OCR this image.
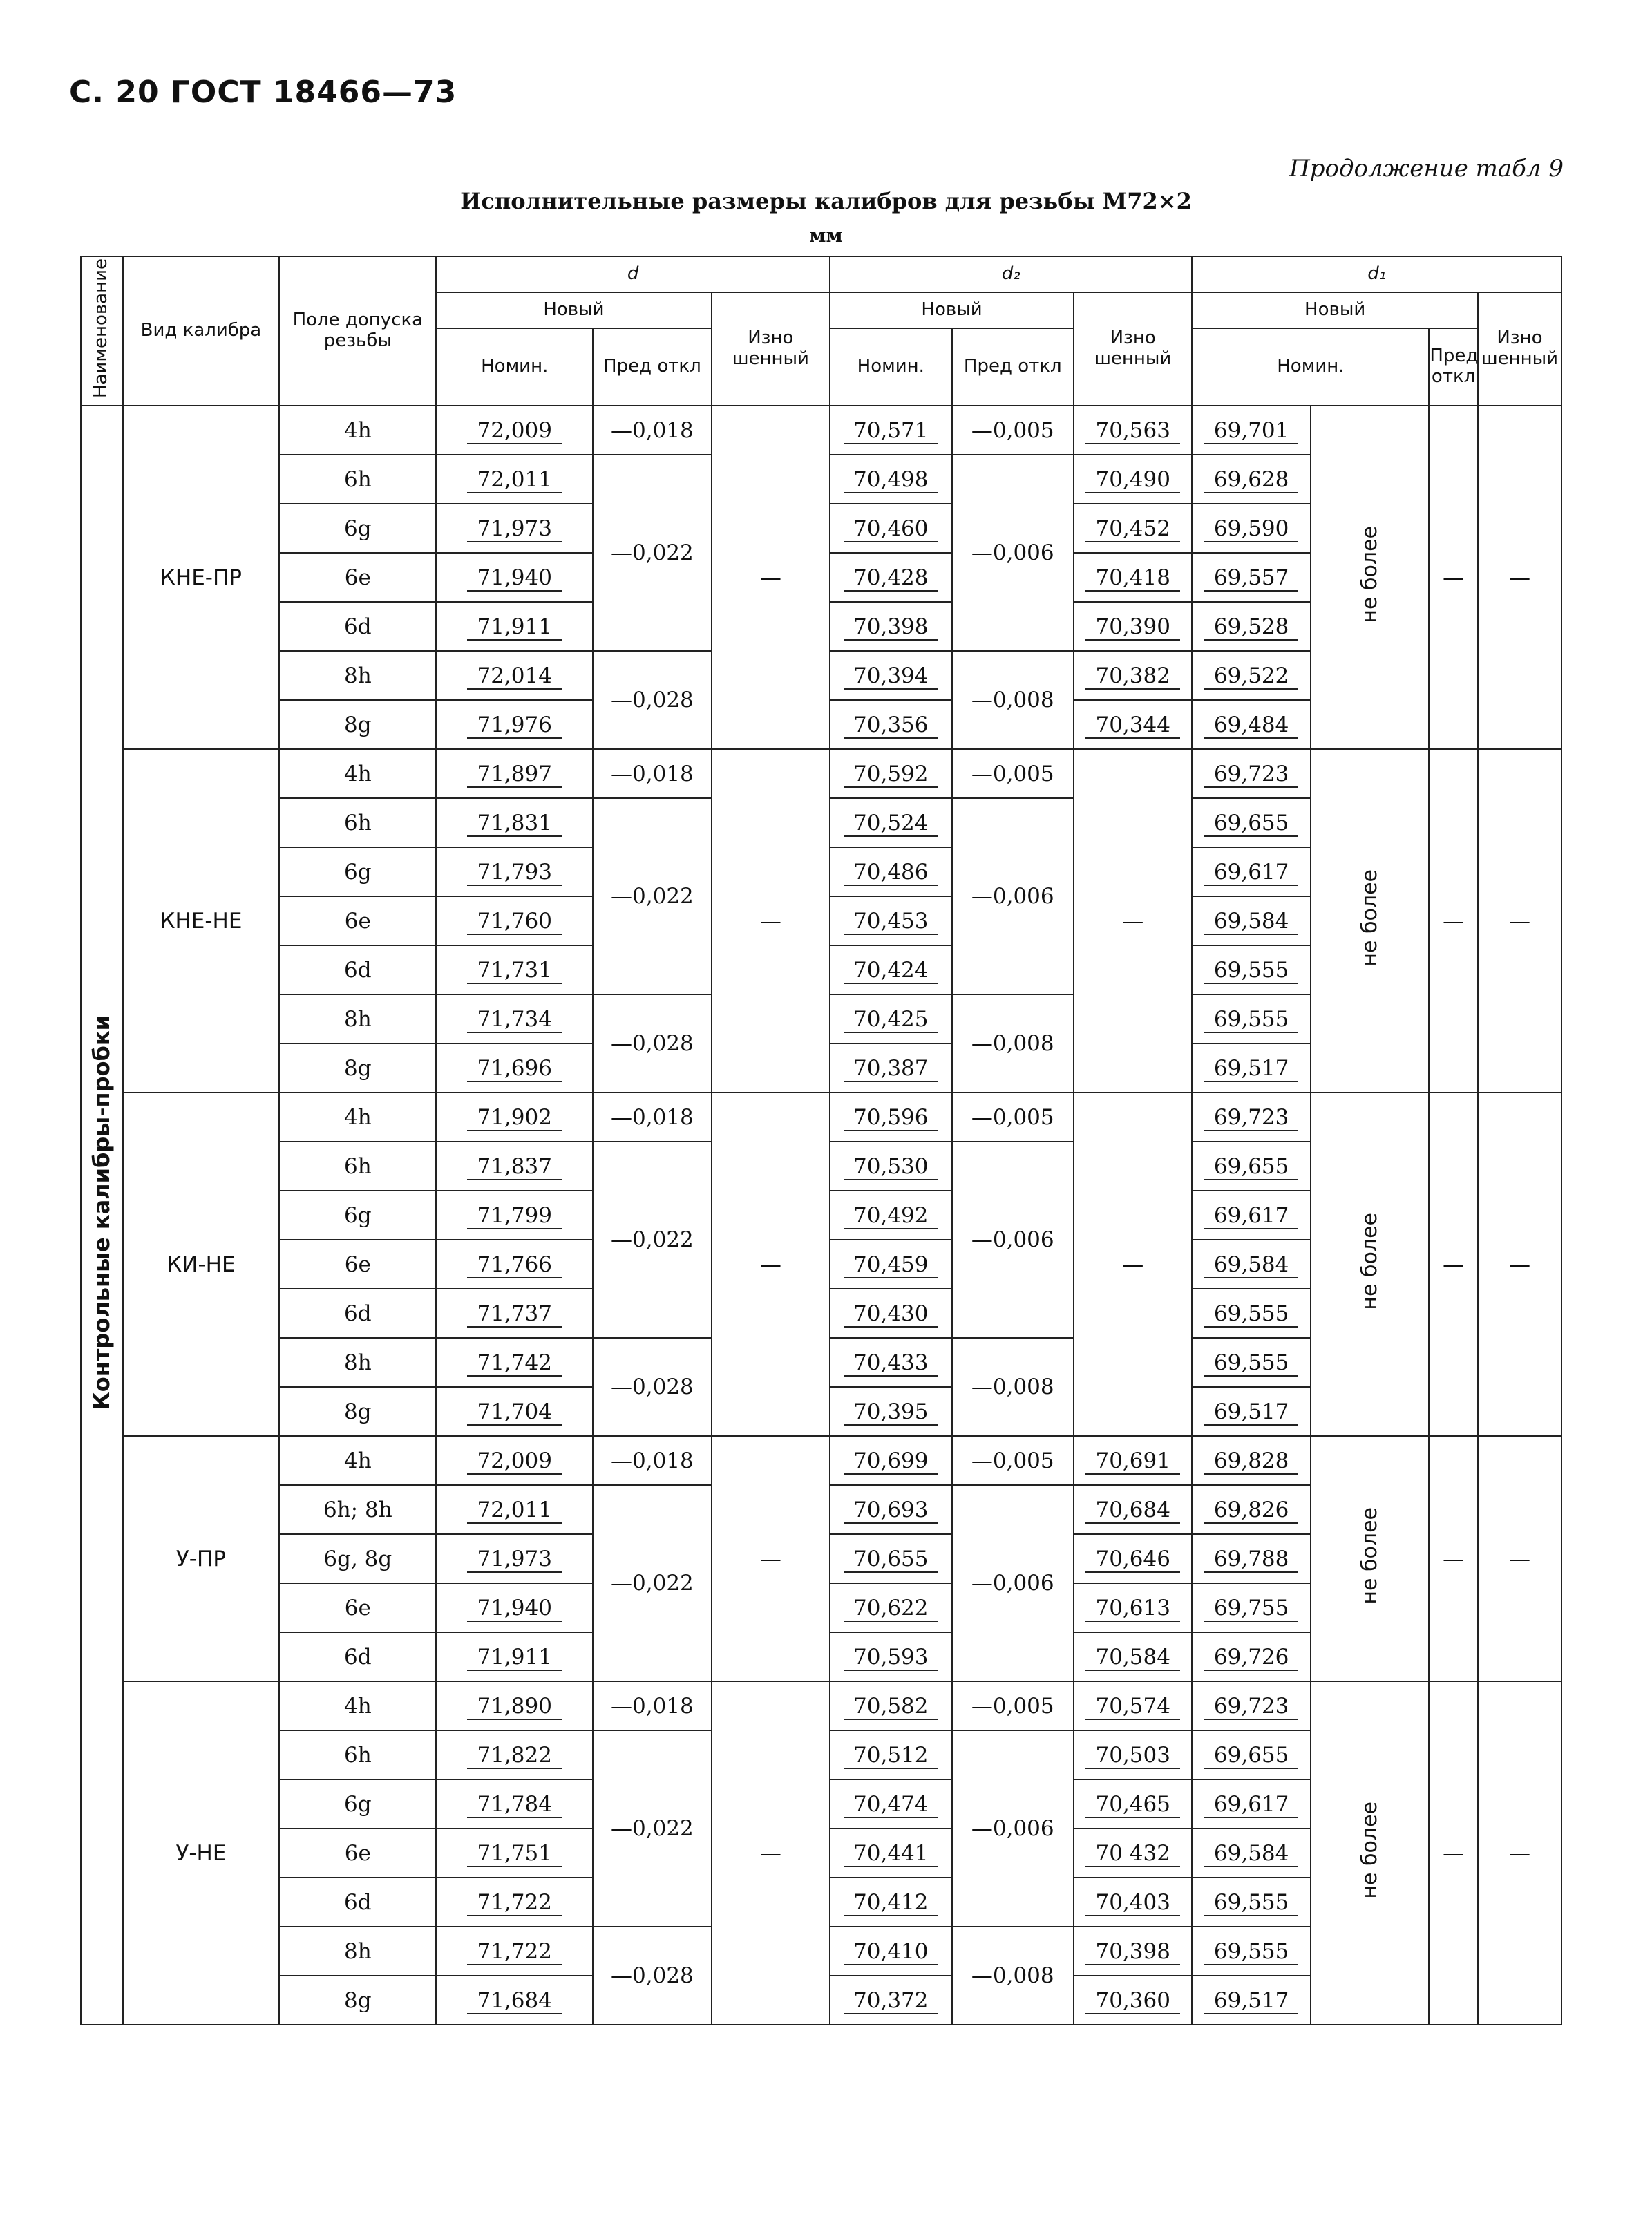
С. 20 ГОСТ 18466—73
Продолжение табл 9
Исполнительные размеры калибров для резьбы М72×2
мм
Наименование	Вид калибра	Поле допуска резьбы	d			d₂			d₁			
			Новый		Изно шенный	Новый		Изно шенный	Новый			Изно шенный
			Номин.	Пред откл		Номин.	Пред откл		Номин.		Пред откл	
Контрольные калибры-пробки	КНЕ-ПР	4h	72,009	—0,018	—	70,571	—0,005	70,563	69,701	не более	—	—
		6h	72,011	—0,022		70,498	—0,006	70,490	69,628			
		6g	71,973			70,460		70,452	69,590			
		6e	71,940			70,428		70,418	69,557			
		6d	71,911			70,398		70,390	69,528			
		8h	72,014	—0,028		70,394	—0,008	70,382	69,522			
		8g	71,976			70,356		70,344	69,484			
	КНЕ-НЕ	4h	71,897	—0,018	—	70,592	—0,005	—	69,723	не более	—	—
		6h	71,831	—0,022		70,524	—0,006		69,655			
		6g	71,793			70,486			69,617			
		6e	71,760			70,453			69,584			
		6d	71,731			70,424			69,555			
		8h	71,734	—0,028		70,425	—0,008		69,555			
		8g	71,696			70,387			69,517			
	КИ-НЕ	4h	71,902	—0,018	—	70,596	—0,005	—	69,723	не более	—	—
		6h	71,837	—0,022		70,530	—0,006		69,655			
		6g	71,799			70,492			69,617			
		6e	71,766			70,459			69,584			
		6d	71,737			70,430			69,555			
		8h	71,742	—0,028		70,433	—0,008		69,555			
		8g	71,704			70,395			69,517			
	У-ПР	4h	72,009	—0,018	—	70,699	—0,005	70,691	69,828	не более	—	—
		6h; 8h	72,011	—0,022		70,693	—0,006	70,684	69,826			
		6g, 8g	71,973			70,655		70,646	69,788			
		6e	71,940			70,622		70,613	69,755			
		6d	71,911			70,593		70,584	69,726			
	У-НЕ	4h	71,890	—0,018	—	70,582	—0,005	70,574	69,723	не более	—	—
		6h	71,822	—0,022		70,512	—0,006	70,503	69,655			
		6g	71,784			70,474		70,465	69,617			
		6e	71,751			70,441		70 432	69,584			
		6d	71,722			70,412		70,403	69,555			
		8h	71,722	—0,028		70,410	—0,008	70,398	69,555			
		8g	71,684			70,372		70,360	69,517			
